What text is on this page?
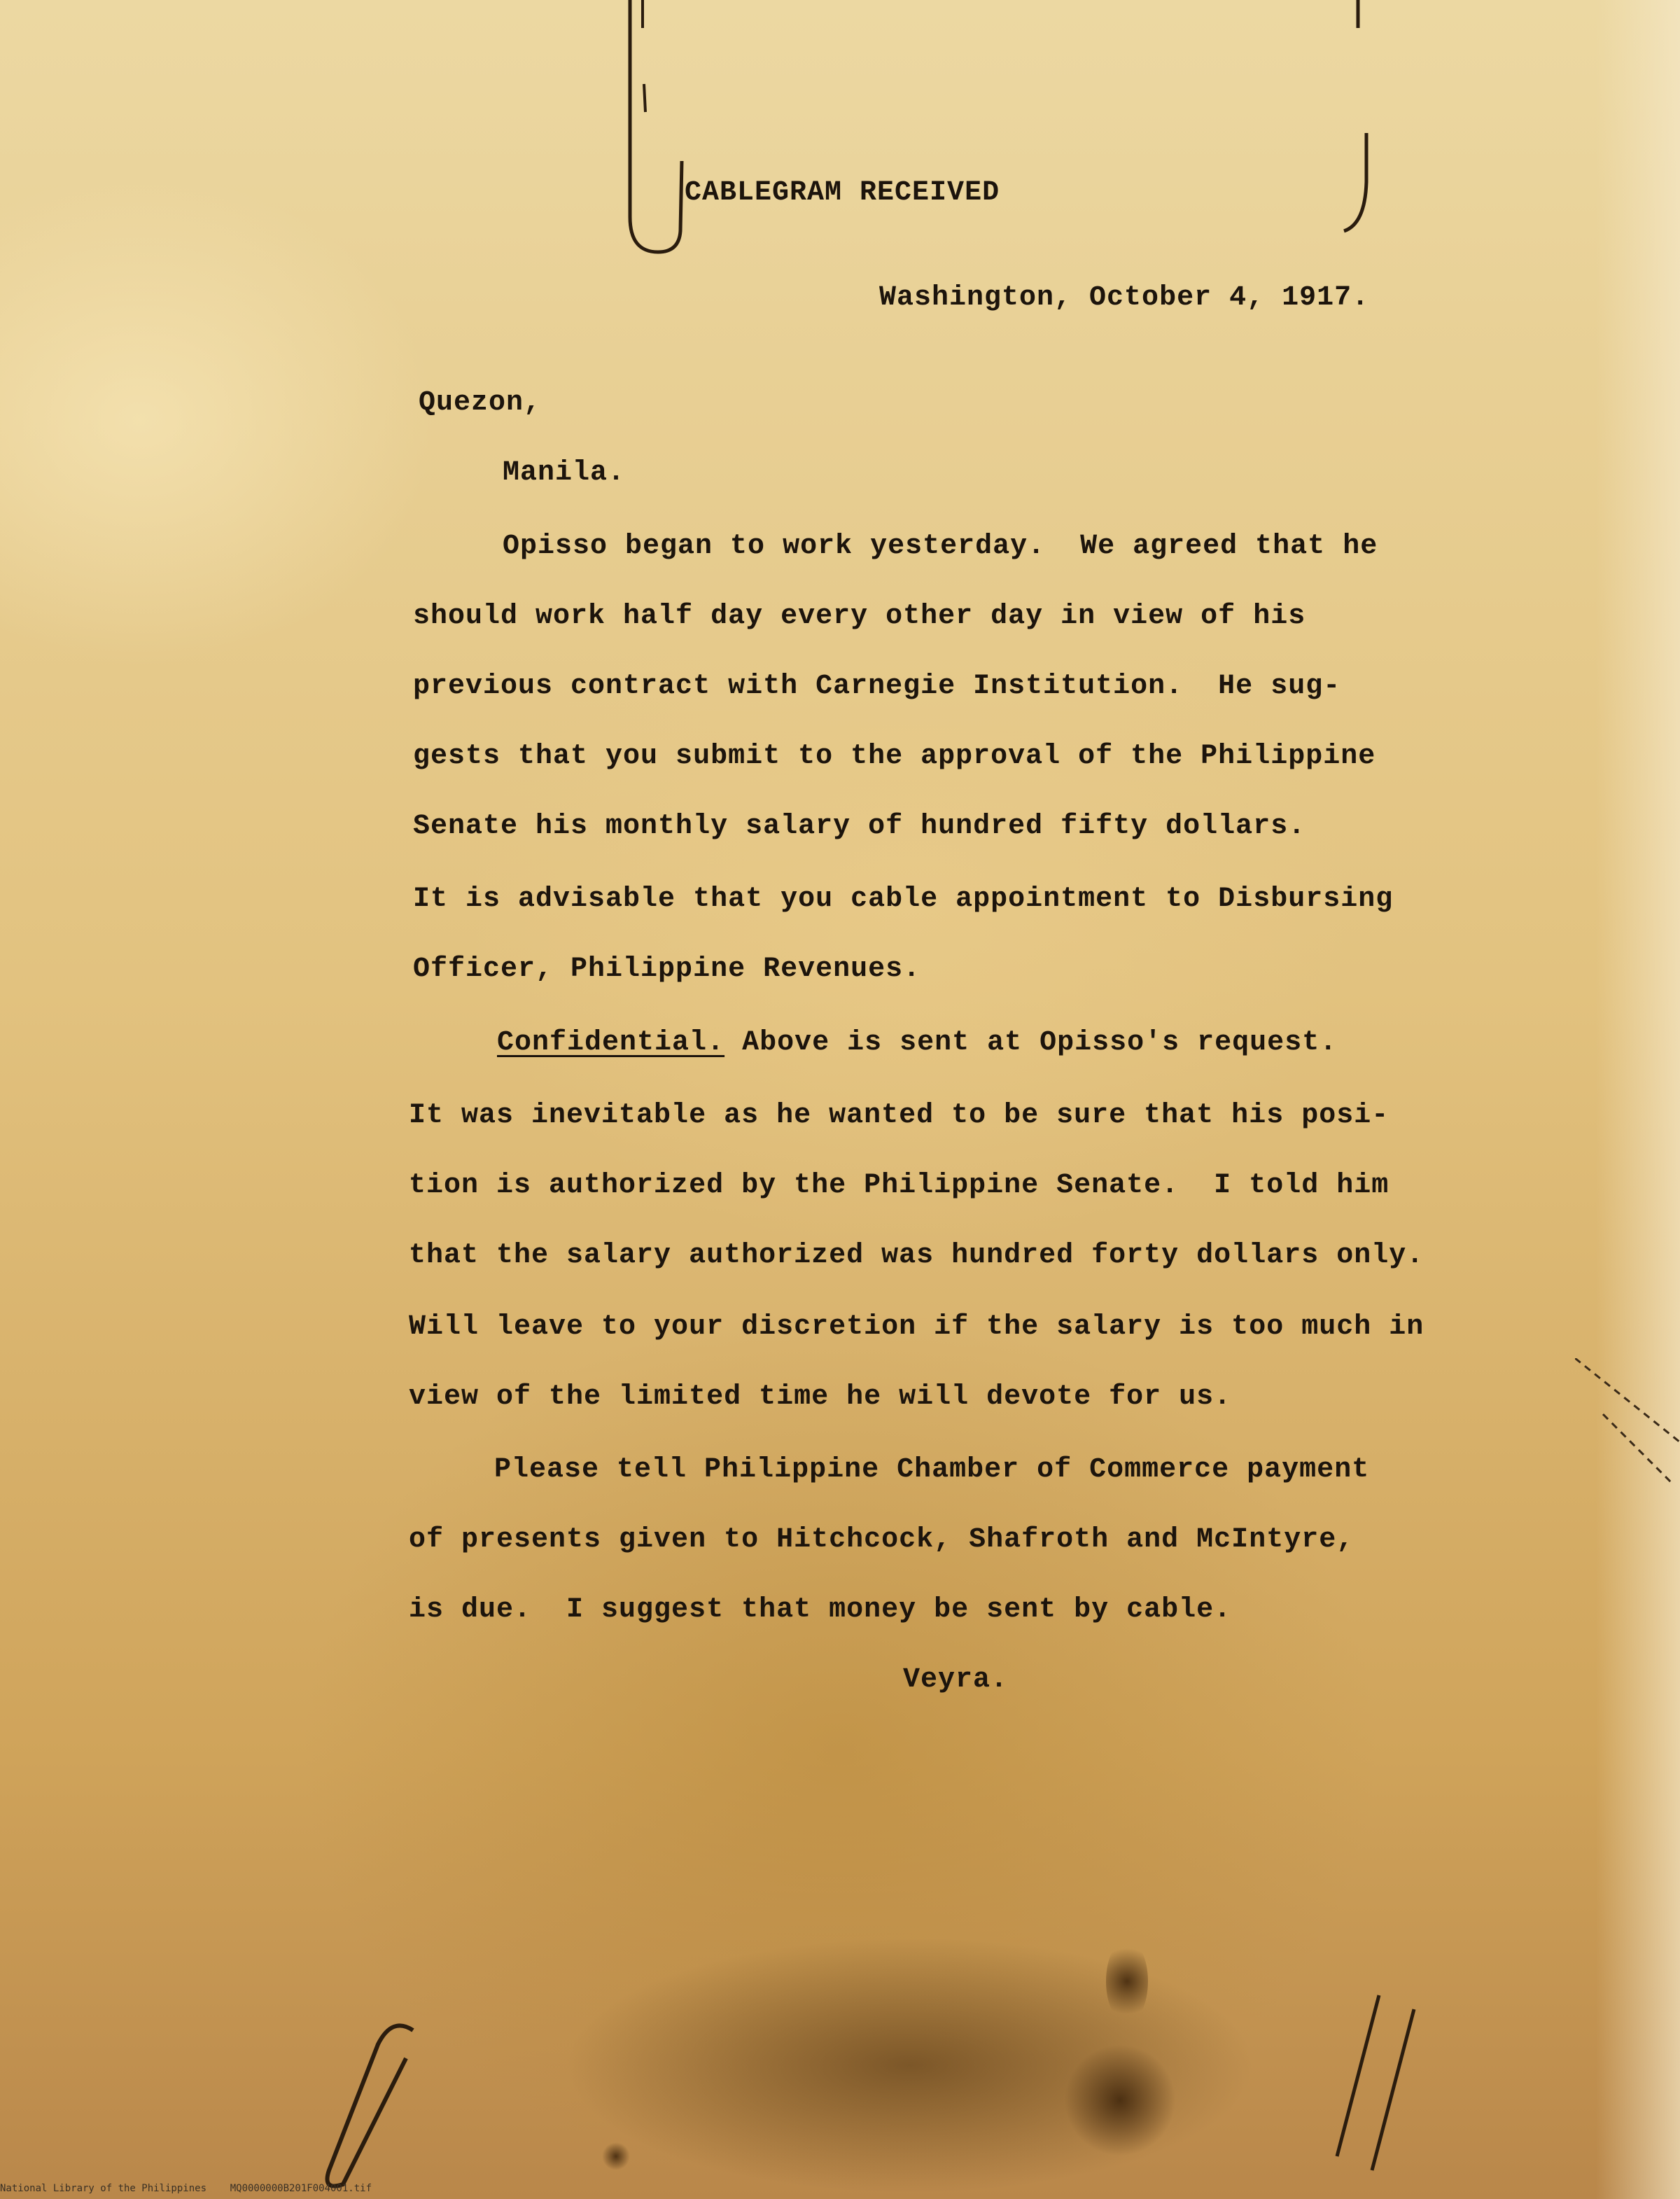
CABLEGRAM RECEIVED
Washington, October 4, 1917.
Quezon,
Manila.
Opisso began to work yesterday.  We agreed that he
should work half day every other day in view of his
previous contract with Carnegie Institution.  He sug-
gests that you submit to the approval of the Philippine
Senate his monthly salary of hundred fifty dollars.
It is advisable that you cable appointment to Disbursing
Officer, Philippine Revenues.
Confidential. Above is sent at Opisso's request.
It was inevitable as he wanted to be sure that his posi-
tion is authorized by the Philippine Senate.  I told him
that the salary authorized was hundred forty dollars only.
Will leave to your discretion if the salary is too much in
view of the limited time he will devote for us.
Please tell Philippine Chamber of Commerce payment
of presents given to Hitchcock, Shafroth and McIntyre,
is due.  I suggest that money be sent by cable.
Veyra.
National Library of the Philippines    MQ0000000B201F004001.tif
